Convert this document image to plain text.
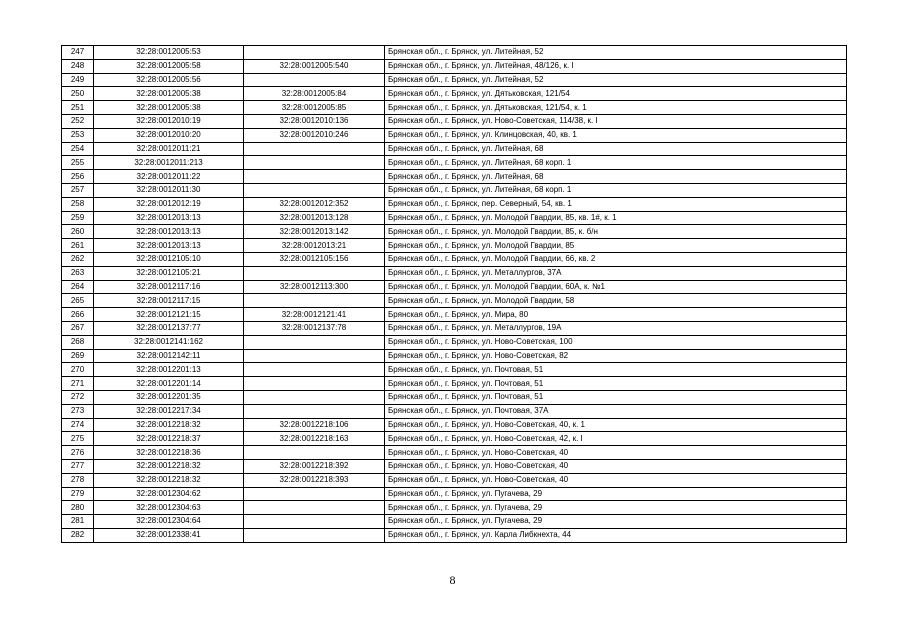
247	32:28:0012005:53		Брянская обл., г. Брянск, ул. Литейная, 52
248	32:28:0012005:58	32:28:0012005:540	Брянская обл., г. Брянск, ул. Литейная, 48/126, к. I
249	32:28:0012005:56		Брянская обл., г. Брянск, ул. Литейная, 52
250	32:28:0012005:38	32:28:0012005:84	Брянская обл., г. Брянск, ул. Дятьковская, 121/54
251	32:28:0012005:38	32:28:0012005:85	Брянская обл., г. Брянск, ул. Дятьковская, 121/54, к. 1
252	32:28:0012010:19	32:28:0012010:136	Брянская обл., г. Брянск, ул. Ново-Советская, 114/38, к. I
253	32:28:0012010:20	32:28:0012010:246	Брянская обл., г. Брянск, ул. Клинцовская, 40, кв. 1
254	32:28:0012011:21		Брянская обл., г. Брянск, ул. Литейная, 68
255	32:28:0012011:213		Брянская обл., г. Брянск, ул. Литейная, 68 корп. 1
256	32:28:0012011:22		Брянская обл., г. Брянск, ул. Литейная, 68
257	32:28:0012011:30		Брянская обл., г. Брянск, ул. Литейная, 68 корп. 1
258	32:28:0012012:19	32:28:0012012:352	Брянская обл., г. Брянск, пер. Северный, 54, кв. 1
259	32:28:0012013:13	32:28:0012013:128	Брянская обл., г. Брянск, ул. Молодой Гвардии, 85, кв. 1#, к. 1
260	32:28:0012013:13	32:28:0012013:142	Брянская обл., г. Брянск, ул. Молодой Гвардии, 85, к. б/н
261	32:28:0012013:13	32:28:0012013:21	Брянская обл., г. Брянск, ул. Молодой Гвардии, 85
262	32:28:0012105:10	32:28:0012105:156	Брянская обл., г. Брянск, ул. Молодой Гвардии, 66, кв. 2
263	32:28:0012105:21		Брянская обл., г. Брянск, ул. Металлургов, 37А
264	32:28:0012117:16	32:28:0012113:300	Брянская обл., г. Брянск, ул. Молодой Гвардии, 60А, к. №1
265	32:28:0012117:15		Брянская обл., г. Брянск, ул. Молодой Гвардии, 58
266	32:28:0012121:15	32:28:0012121:41	Брянская обл., г. Брянск, ул. Мира, 80
267	32:28:0012137:77	32:28:0012137:78	Брянская обл., г. Брянск, ул. Металлургов, 19А
268	32:28:0012141:162		Брянская обл., г. Брянск, ул. Ново-Советская, 100
269	32:28:0012142:11		Брянская обл., г. Брянск, ул. Ново-Советская, 82
270	32:28:0012201:13		Брянская обл., г. Брянск, ул. Почтовая, 51
271	32:28:0012201:14		Брянская обл., г. Брянск, ул. Почтовая, 51
272	32:28:0012201:35		Брянская обл., г. Брянск, ул. Почтовая, 51
273	32:28:0012217:34		Брянская обл., г. Брянск, ул. Почтовая, 37А
274	32:28:0012218:32	32:28:0012218:106	Брянская обл., г. Брянск, ул. Ново-Советская, 40, к. 1
275	32:28:0012218:37	32:28:0012218:163	Брянская обл., г. Брянск, ул. Ново-Советская, 42, к. I
276	32:28:0012218:36		Брянская обл., г. Брянск, ул. Ново-Советская, 40
277	32:28:0012218:32	32:28:0012218:392	Брянская обл., г. Брянск, ул. Ново-Советская, 40
278	32:28:0012218:32	32:28:0012218:393	Брянская обл., г. Брянск, ул. Ново-Советская, 40
279	32:28:0012304:62		Брянская обл., г. Брянск, ул. Пугачева, 29
280	32:28:0012304:63		Брянская обл., г. Брянск, ул. Пугачева, 29
281	32:28:0012304:64		Брянская обл., г. Брянск, ул. Пугачева, 29
282	32:28:0012338:41		Брянская обл., г. Брянск, ул. Карла Либкнехта, 44
8
